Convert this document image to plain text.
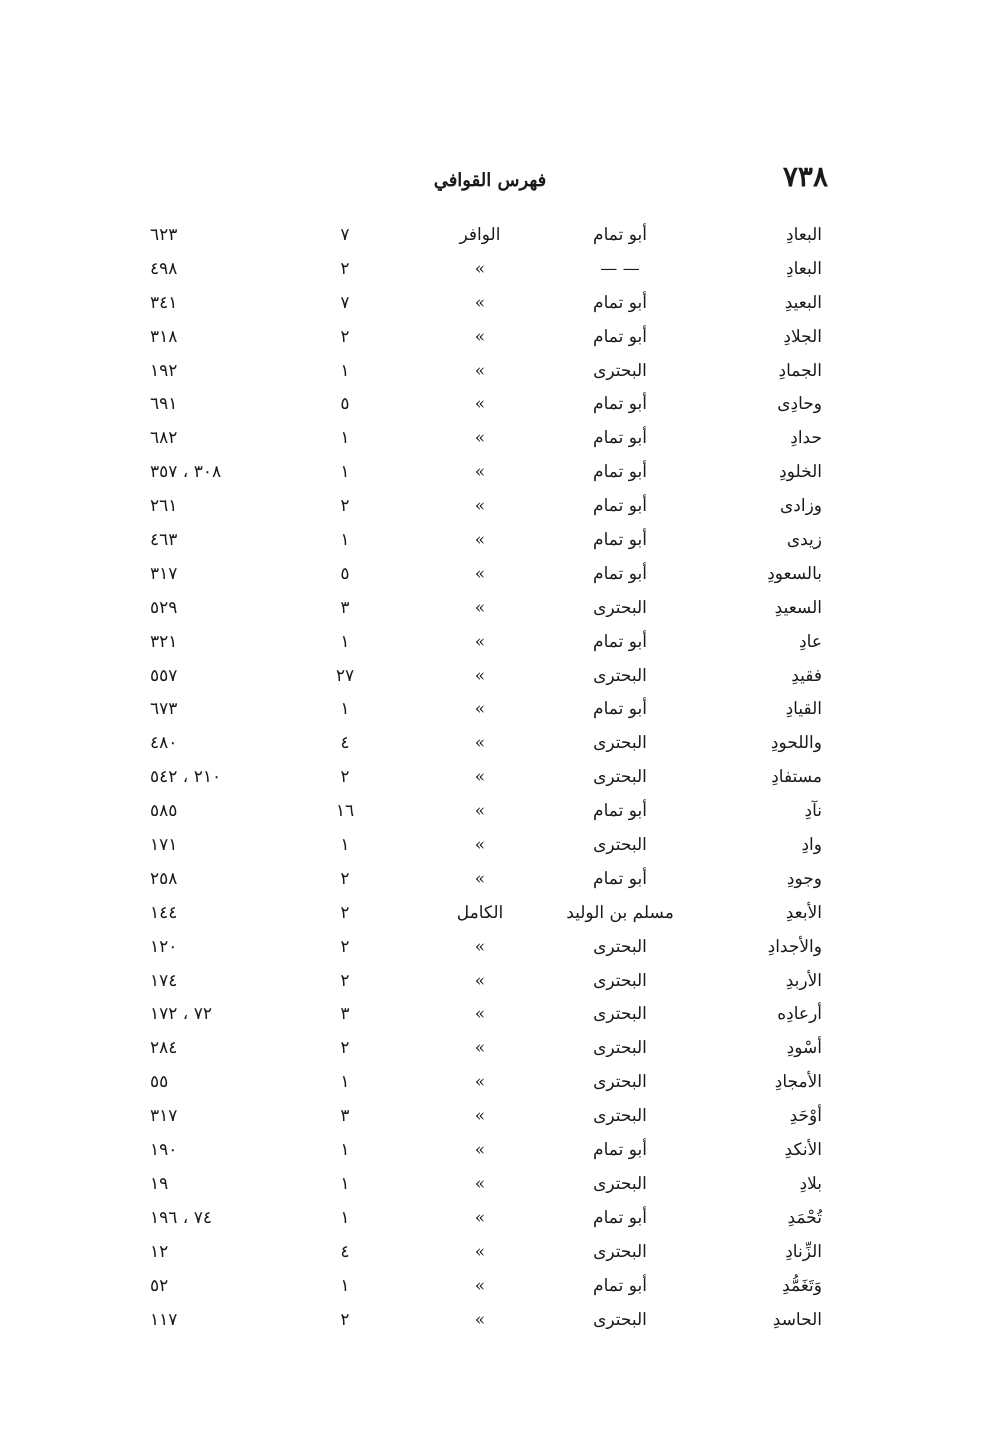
٧٣٨
فهرس القوافي
البعادِ
أبو تمام
الوافر
٧
٦٢٣
البعادِ
— —
»
٢
٤٩٨
البعيدِ
أبو تمام
»
٧
٣٤١
الجلادِ
أبو تمام
»
٢
٣١٨
الجمادِ
البحترى
»
١
١٩٢
وحادِى
أبو تمام
»
٥
٦٩١
حدادِ
أبو تمام
»
١
٦٨٢
الخلودِ
أبو تمام
»
١
٣٠٨ ، ٣٥٧
وزادى
أبو تمام
»
٢
٢٦١
زيدى
أبو تمام
»
١
٤٦٣
بالسعودِ
أبو تمام
»
٥
٣١٧
السعيدِ
البحترى
»
٣
٥٢٩
عادِ
أبو تمام
»
١
٣٢١
فقيدِ
البحترى
»
٢٧
٥٥٧
القيادِ
أبو تمام
»
١
٦٧٣
واللحودِ
البحترى
»
٤
٤٨٠
مستفادِ
البحترى
»
٢
٢١٠ ، ٥٤٢
نآدِ
أبو تمام
»
١٦
٥٨٥
وادِ
البحترى
»
١
١٧١
وجودِ
أبو تمام
»
٢
٢٥٨
الأبعدِ
مسلم بن الوليد
الكامل
٢
١٤٤
والأجدادِ
البحترى
»
٢
١٢٠
الأربدِ
البحترى
»
٢
١٧٤
أرعادِه
البحترى
»
٣
٧٢ ، ١٧٢
أسْودِ
البحترى
»
٢
٢٨٤
الأمجادِ
البحترى
»
١
٥٥
أوْحَدِ
البحترى
»
٣
٣١٧
الأنكدِ
أبو تمام
»
١
١٩٠
بلادِ
البحترى
»
١
١٩
تُحْمَدِ
أبو تمام
»
١
٧٤ ، ١٩٦
الزِّنادِ
البحترى
»
٤
١٢
وَتَغَمُّدِ
أبو تمام
»
١
٥٢
الحاسدِ
البحترى
»
٢
١١٧
